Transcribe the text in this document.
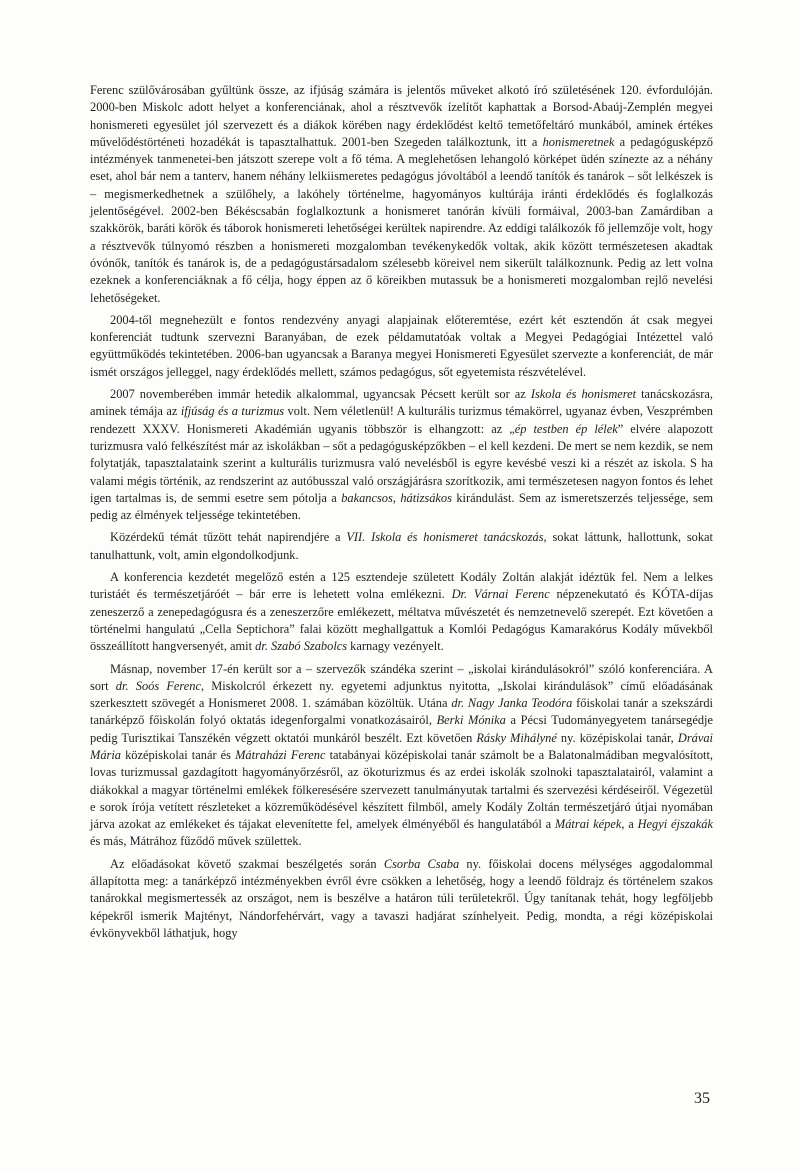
Ferenc szülővárosában gyűltünk össze, az ifjúság számára is jelentős műveket alkotó író születésének 120. évfordulóján. 2000-ben Miskolc adott helyet a konferenciának, ahol a résztvevők ízelítőt kaphattak a Borsod-Abaúj-Zemplén megyei honismereti egyesület jól szervezett és a diákok körében nagy érdeklődést keltő temetőfeltáró munkából, aminek értékes művelődéstörténeti hozadékát is tapasztalhattuk. 2001-ben Szegeden találkoztunk, itt a honismeretnek a pedagógusképző intézmények tanmenetei-ben játszott szerepe volt a fő téma. A meglehetősen lehangoló körképet üdén színezte az a néhány eset, ahol bár nem a tanterv, hanem néhány lelkiismeretes pedagógus jóvoltából a leendő tanítók és tanárok – sőt lelkészek is – megismerkedhetnek a szülőhely, a lakóhely történelme, hagyományos kultúrája iránti érdeklődés és foglalkozás jelentőségével. 2002-ben Békéscsabán foglalkoztunk a honismeret tanórán kívüli formáival, 2003-ban Zamárdiban a szakkörök, baráti körök és táborok honismereti lehetőségei kerültek napirendre. Az eddigi találkozók fő jellemzője volt, hogy a résztvevők túlnyomó részben a honismereti mozgalomban tevékenykedők voltak, akik között természetesen akadtak óvónők, tanítók és tanárok is, de a pedagógustársadalom szélesebb köreivel nem sikerült találkoznunk. Pedig az lett volna ezeknek a konferenciáknak a fő célja, hogy éppen az ő köreikben mutassuk be a honismereti mozgalomban rejlő nevelési lehetőségeket.

2004-től megnehezült e fontos rendezvény anyagi alapjainak előteremtése, ezért két esztendőn át csak megyei konferenciát tudtunk szervezni Baranyában, de ezek példamutatóak voltak a Megyei Pedagógiai Intézettel való együttműködés tekintetében. 2006-ban ugyancsak a Baranya megyei Honismereti Egyesület szervezte a konferenciát, de már ismét országos jelleggel, nagy érdeklődés mellett, számos pedagógus, sőt egyetemista részvételével.

2007 novemberében immár hetedik alkalommal, ugyancsak Pécsett került sor az Iskola és honismeret tanácskozásra, aminek témája az ifjúság és a turizmus volt. Nem véletlenül! A kulturális turizmus témakörrel, ugyanaz évben, Veszprémben rendezett XXXV. Honismereti Akadémián ugyanis többször is elhangzott: az „ép testben ép lélek” elvére alapozott turizmusra való felkészítést már az iskolákban – sőt a pedagógusképzőkben – el kell kezdeni. De mert se nem kezdik, se nem folytatják, tapasztalataink szerint a kulturális turizmusra való nevelésből is egyre kevésbé veszi ki a részét az iskola. S ha valami mégis történik, az rendszerint az autóbusszal való országjárásra szorítkozik, ami természetesen nagyon fontos és lehet igen tartalmas is, de semmi esetre sem pótolja a bakancsos, hátizsákos kirándulást. Sem az ismeretszerzés teljessége, sem pedig az élmények teljessége tekintetében.

Közérdekű témát tűzött tehát napirendjére a VII. Iskola és honismeret tanácskozás, sokat láttunk, hallottunk, sokat tanulhattunk, volt, amin elgondolkodjunk.

A konferencia kezdetét megelőző estén a 125 esztendeje született Kodály Zoltán alakját idéztük fel. Nem a lelkes turistáét és természetjáróét – bár erre is lehetett volna emlékezni. Dr. Várnai Ferenc népzenekutató és KÓTA-díjas zeneszerző a zenepedagógusra és a zeneszerzőre emlékezett, méltatva művészetét és nemzetnevelő szerepét. Ezt követően a történelmi hangulatú „Cella Septichora” falai között meghallgattuk a Komlói Pedagógus Kamarakórus Kodály művekből összeállított hangversenyét, amit dr. Szabó Szabolcs karnagy vezényelt.

Másnap, november 17-én került sor a – szervezők szándéka szerint – „iskolai kirándulásokról” szóló konferenciára. A sort dr. Soós Ferenc, Miskolcról érkezett ny. egyetemi adjunktus nyitotta, „Iskolai kirándulások” című előadásának szerkesztett szövegét a Honismeret 2008. 1. számában közöltük. Utána dr. Nagy Janka Teodóra főiskolai tanár a szekszárdi tanárképző főiskolán folyó oktatás idegenforgalmi vonatkozásairól, Berki Mónika a Pécsi Tudományegyetem tanársegédje pedig Turisztikai Tanszékén végzett oktatói munkáról beszélt. Ezt követően Rásky Mihályné ny. középiskolai tanár, Drávai Mária középiskolai tanár és Mátraházi Ferenc tatabányai középiskolai tanár számolt be a Balatonalmádiban megvalósított, lovas turizmussal gazdagított hagyományőrzésről, az ökoturizmus és az erdei iskolák szolnoki tapasztalatairól, valamint a diákokkal a magyar történelmi emlékek fölkeresésére szervezett tanulmányutak tartalmi és szervezési kérdéseiről. Végezetül e sorok írója vetített részleteket a közreműködésével készített filmből, amely Kodály Zoltán természetjáró útjai nyomában járva azokat az emlékeket és tájakat elevenítette fel, amelyek élményéből és hangulatából a Mátrai képek, a Hegyi éjszakák és más, Mátrához fűződő művek születtek.

Az előadásokat követő szakmai beszélgetés során Csorba Csaba ny. főiskolai docens mélységes aggodalommal állapította meg: a tanárképző intézményekben évről évre csökken a lehetőség, hogy a leendő földrajz és történelem szakos tanárokkal megismertessék az országot, nem is beszélve a határon túli területekről. Úgy tanítanak tehát, hogy legföljebb képekről ismerik Majtényt, Nándorfehérvárt, vagy a tavaszi hadjárat színhelyeit. Pedig, mondta, a régi középiskolai évkönyvekből láthatjuk, hogy

35
